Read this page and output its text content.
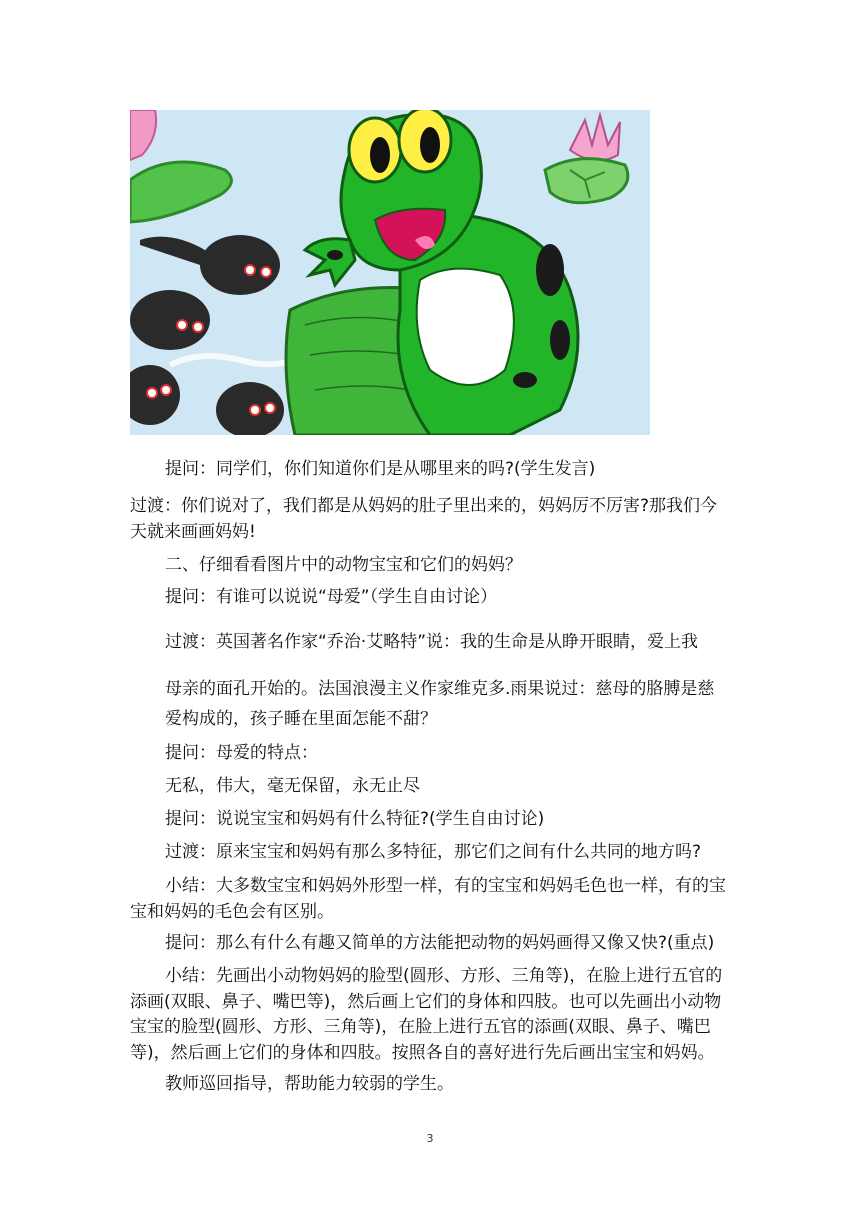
提问：同学们，你们知道你们是从哪里来的吗?(学生发言)

过渡：你们说对了，我们都是从妈妈的肚子里出来的，妈妈厉不厉害?那我们今

天就来画画妈妈!

二、仔细看看图片中的动物宝宝和它们的妈妈？

提问：有谁可以说说“母爱”（学生自由讨论）

过渡：英国著名作家“乔治·艾略特”说：我的生命是从睁开眼睛，爱上我

母亲的面孔开始的。法国浪漫主义作家维克多.雨果说过：慈母的胳膊是慈

爱构成的，孩子睡在里面怎能不甜？

提问：母爱的特点：

无私，伟大，毫无保留，永无止尽

提问：说说宝宝和妈妈有什么特征?(学生自由讨论)

过渡：原来宝宝和妈妈有那么多特征，那它们之间有什么共同的地方吗?

小结：大多数宝宝和妈妈外形型一样，有的宝宝和妈妈毛色也一样，有的宝

宝和妈妈的毛色会有区别。

提问：那么有什么有趣又简单的方法能把动物的妈妈画得又像又快?(重点)

小结：先画出小动物妈妈的脸型(圆形、方形、三角等)，在脸上进行五官的

添画(双眼、鼻子、嘴巴等)，然后画上它们的身体和四肢。也可以先画出小动物

宝宝的脸型(圆形、方形、三角等)，在脸上进行五官的添画(双眼、鼻子、嘴巴

等)，然后画上它们的身体和四肢。按照各自的喜好进行先后画出宝宝和妈妈。

教师巡回指导，帮助能力较弱的学生。

3
